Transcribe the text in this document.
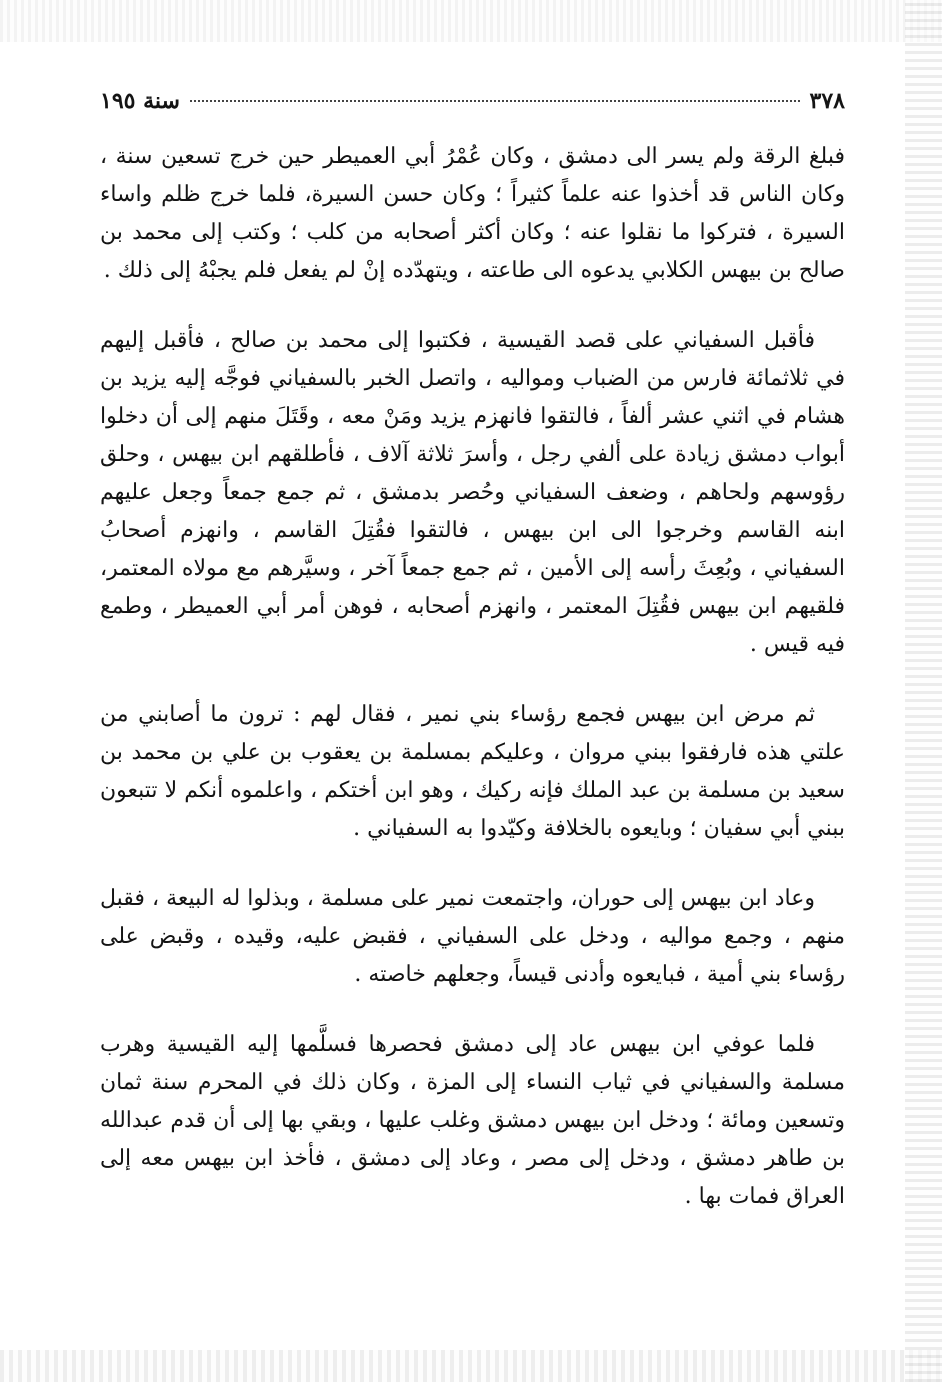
٣٧٨
سنة ١٩٥

فبلغ الرقة ولم يسر الى دمشق ، وكان عُمْرُ أبي العميطر حين خرج تسعين سنة ، وكان الناس قد أخذوا عنه علماً كثيراً ؛ وكان حسن السيرة، فلما خرج ظلم واساء السيرة ، فتركوا ما نقلوا عنه ؛ وكان أكثر أصحابه من كلب ؛ وكتب إلى محمد بن صالح بن بيهس الكلابي يدعوه الى طاعته ، ويتهدّده إنْ لم يفعل فلم يجبْهُ إلى ذلك .

فأقبل السفياني على قصد القيسية ، فكتبوا إلى محمد بن صالح ، فأقبل إليهم في ثلاثمائة فارس من الضباب ومواليه ، واتصل الخبر بالسفياني فوجَّه إليه يزيد بن هشام في اثني عشر ألفاً ، فالتقوا فانهزم يزيد ومَنْ معه ، وقَتَلَ منهم إلى أن دخلوا أبواب دمشق زيادة على ألفي رجل ، وأسرَ ثلاثة آلاف ، فأطلقهم ابن بيهس ، وحلق رؤوسهم ولحاهم ، وضعف السفياني وحُصر بدمشق ، ثم جمع جمعاً وجعل عليهم ابنه القاسم وخرجوا الى ابن بيهس ، فالتقوا فقُتِلَ القاسم ، وانهزم أصحابُ السفياني ، وبُعِثَ رأسه إلى الأمين ، ثم جمع جمعاً آخر ، وسيَّرهم مع مولاه المعتمر، فلقيهم ابن بيهس فقُتِلَ المعتمر ، وانهزم أصحابه ، فوهن أمر أبي العميطر ، وطمع فيه قيس .

ثم مرض ابن بيهس فجمع رؤساء بني نمير ، فقال لهم : ترون ما أصابني من علتي هذه فارفقوا ببني مروان ، وعليكم بمسلمة بن يعقوب بن علي بن محمد بن سعيد بن مسلمة بن عبد الملك فإنه ركيك ، وهو ابن أختكم ، واعلموه أنكم لا تتبعون ببني أبي سفيان ؛ وبايعوه بالخلافة وكيّدوا به السفياني .

وعاد ابن بيهس إلى حوران، واجتمعت نمير على مسلمة ، وبذلوا له البيعة ، فقبل منهم ، وجمع مواليه ، ودخل على السفياني ، فقبض عليه، وقيده ، وقبض على رؤساء بني أمية ، فبايعوه وأدنى قيساً، وجعلهم خاصته .

فلما عوفي ابن بيهس عاد إلى دمشق فحصرها فسلَّمها إليه القيسية وهرب مسلمة والسفياني في ثياب النساء إلى المزة ، وكان ذلك في المحرم سنة ثمان وتسعين ومائة ؛ ودخل ابن بيهس دمشق وغلب عليها ، وبقي بها إلى أن قدم عبدالله بن طاهر دمشق ، ودخل إلى مصر ، وعاد إلى دمشق ، فأخذ ابن بيهس معه إلى العراق فمات بها .
